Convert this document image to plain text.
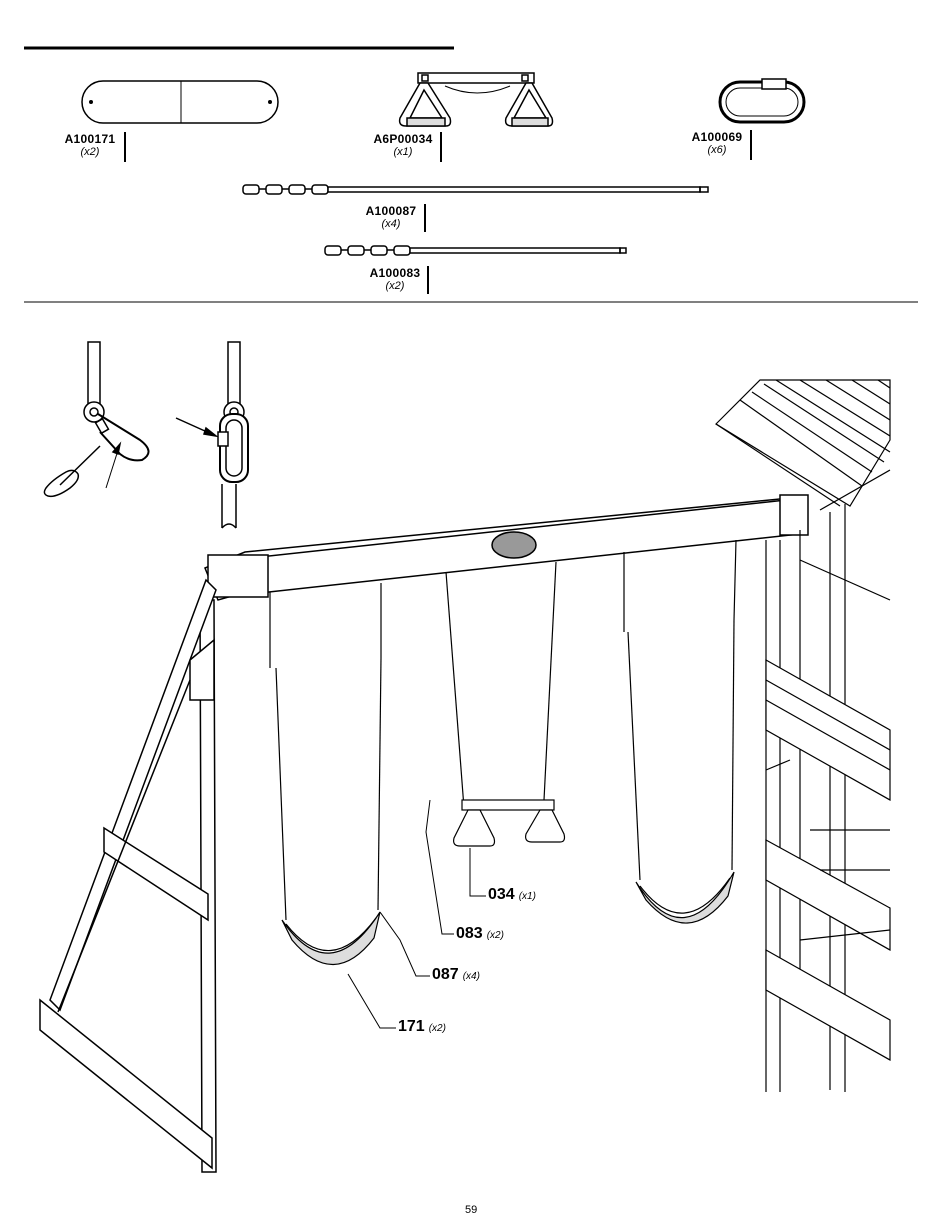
A100171
(x2)
A6P00034
(x1)
A100069
(x6)
A100087
(x4)
A100083
(x2)
034 (x1)
083 (x2)
087 (x4)
171 (x2)
59
